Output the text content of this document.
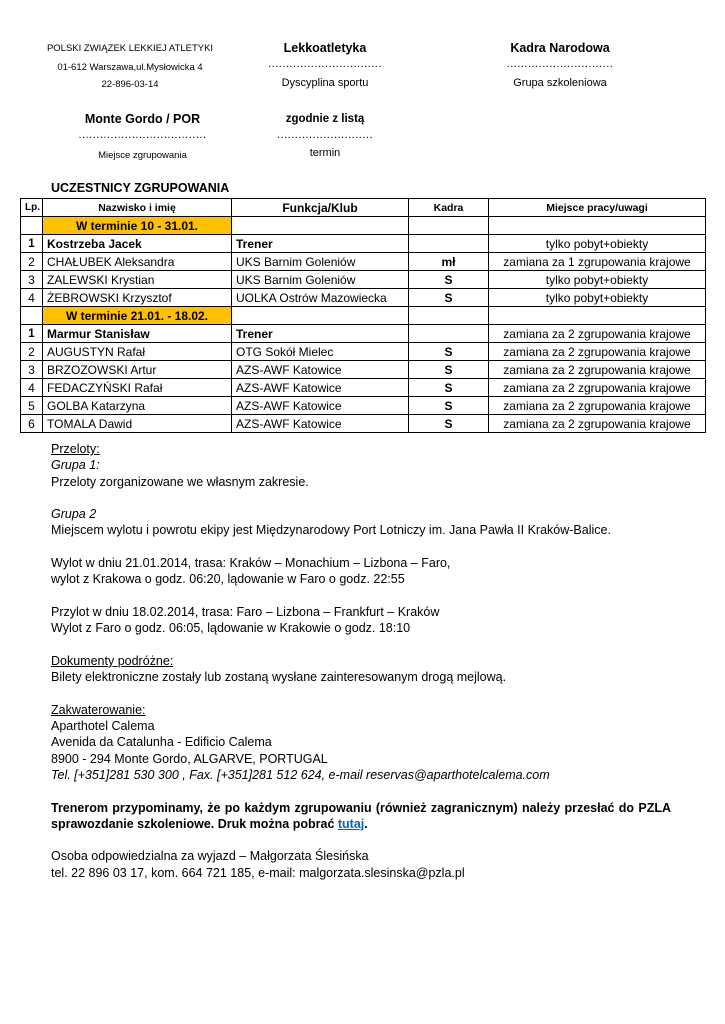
POLSKI ZWIĄZEK LEKKIEJ ATLETYKI
01-612 Warszawa,ul.Mysłowicka 4
22-896-03-14
Lekkoatletyka
................................
Dyscyplina sportu
Kadra Narodowa
..............................
Grupa szkoleniowa
Monte Gordo / POR
....................................
Miejsce zgrupowania
zgodnie z listą
...........................
termin
UCZESTNICY ZGRUPOWANIA
Lp.	Nazwisko i imię	Funkcja/Klub	Kadra	Miejsce pracy/uwagi
	W terminie 10 - 31.01.			
1	Kostrzeba Jacek	Trener		tylko pobyt+obiekty
2	CHAŁUBEK Aleksandra	UKS Barnim Goleniów	mł	zamiana za 1 zgrupowania krajowe
3	ZALEWSKI Krystian	UKS Barnim Goleniów	S	tylko pobyt+obiekty
4	ŻEBROWSKI Krzysztof	UOLKA Ostrów Mazowiecka	S	tylko pobyt+obiekty
	W terminie 21.01. - 18.02.			
1	Marmur Stanisław	Trener		zamiana za 2 zgrupowania krajowe
2	AUGUSTYN Rafał	OTG Sokół Mielec	S	zamiana za 2 zgrupowania krajowe
3	BRZOZOWSKI Artur	AZS-AWF Katowice	S	zamiana za 2 zgrupowania krajowe
4	FEDACZYŃSKI Rafał	AZS-AWF Katowice	S	zamiana za 2 zgrupowania krajowe
5	GOLBA Katarzyna	AZS-AWF Katowice	S	zamiana za 2 zgrupowania krajowe
6	TOMALA Dawid	AZS-AWF Katowice	S	zamiana za 2 zgrupowania krajowe

Przeloty:

Grupa 1:

Przeloty zorganizowane we własnym zakresie.

Grupa 2

Miejscem wylotu i powrotu ekipy jest Międzynarodowy Port Lotniczy im. Jana Pawła II Kraków-Balice.

Wylot w dniu 21.01.2014, trasa: Kraków – Monachium – Lizbona – Faro,

wylot z Krakowa o godz. 06:20, lądowanie w Faro o godz. 22:55

Przylot w dniu 18.02.2014, trasa: Faro – Lizbona – Frankfurt – Kraków

Wylot z Faro o godz. 06:05, lądowanie w Krakowie o godz. 18:10

Dokumenty podróżne:

Bilety elektroniczne zostały lub zostaną wysłane zainteresowanym drogą mejlową.

Zakwaterowanie:

Aparthotel Calema

Avenida da Catalunha - Edificio Calema

8900 - 294 Monte Gordo, ALGARVE, PORTUGAL

Tel. [+351]281 530 300 , Fax. [+351]281 512 624, e-mail reservas@aparthotelcalema.com

Trenerom przypominamy, że po każdym zgrupowaniu (również zagranicznym) należy przesłać do PZLA sprawozdanie szkoleniowe. Druk można pobrać tutaj.

Osoba odpowiedzialna za wyjazd – Małgorzata Ślesińska

tel. 22 896 03 17, kom. 664 721 185, e-mail: malgorzata.slesinska@pzla.pl
